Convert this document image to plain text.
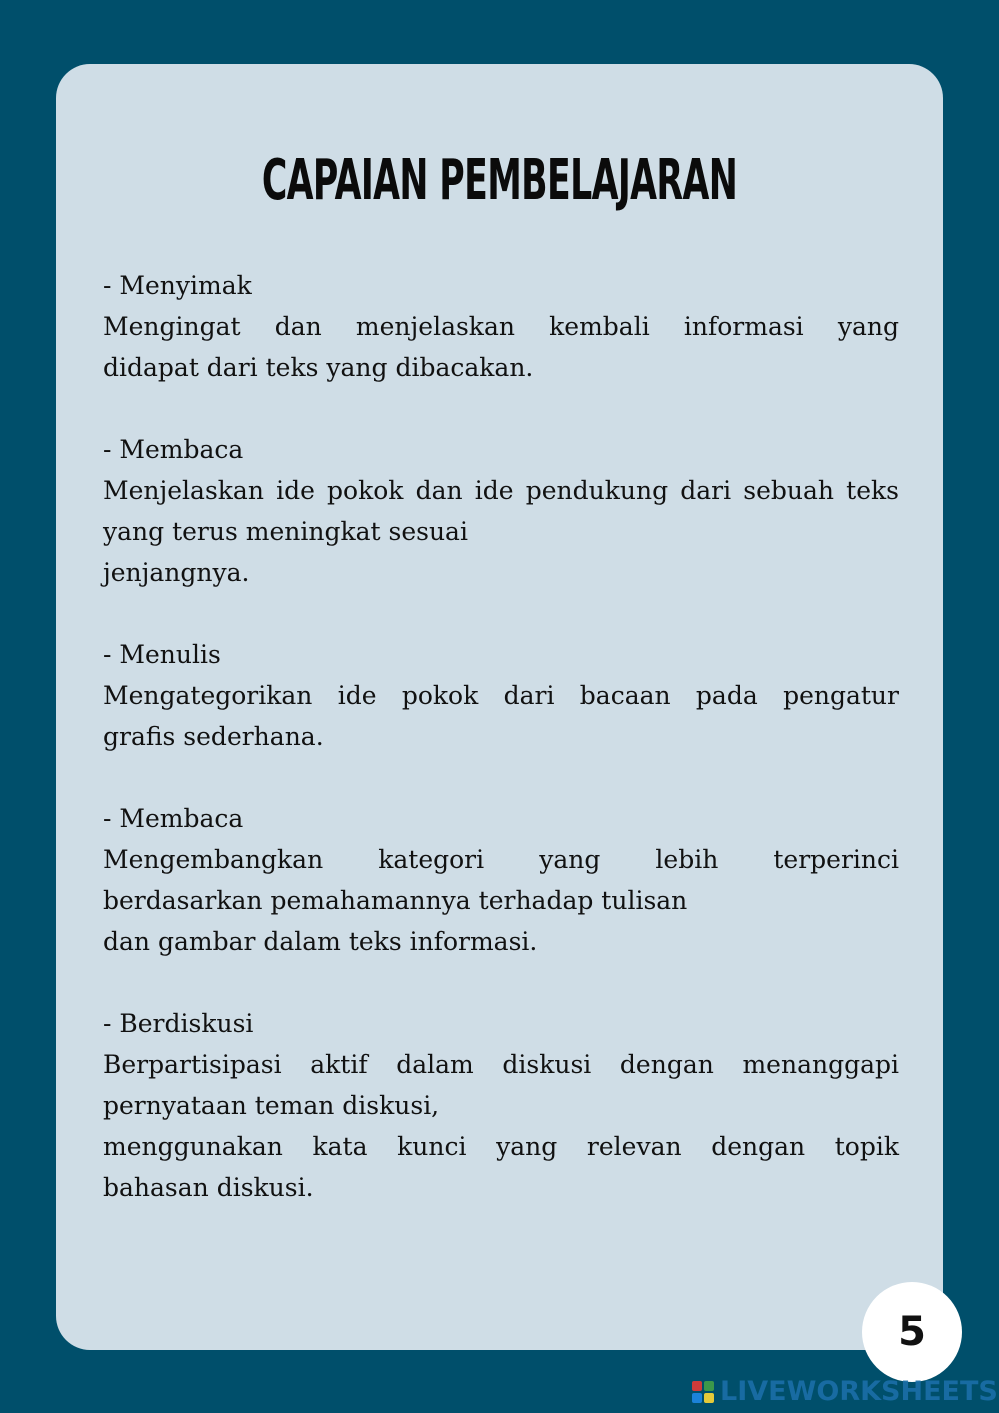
CAPAIAN PEMBELAJARAN
- Menyimak
Mengingat dan menjelaskan kembali informasi yang
didapat dari teks yang dibacakan.
- Membaca
Menjelaskan ide pokok dan ide pendukung dari sebuah teks
yang terus meningkat sesuai
jenjangnya.
- Menulis
Mengategorikan ide pokok dari bacaan pada pengatur
grafis sederhana.
- Membaca
Mengembangkan kategori yang lebih terperinci
berdasarkan pemahamannya terhadap tulisan
dan gambar dalam teks informasi.
- Berdiskusi
Berpartisipasi aktif dalam diskusi dengan menanggapi
pernyataan teman diskusi,
menggunakan kata kunci yang relevan dengan topik
bahasan diskusi.
5
LIVEWORKSHEETS
